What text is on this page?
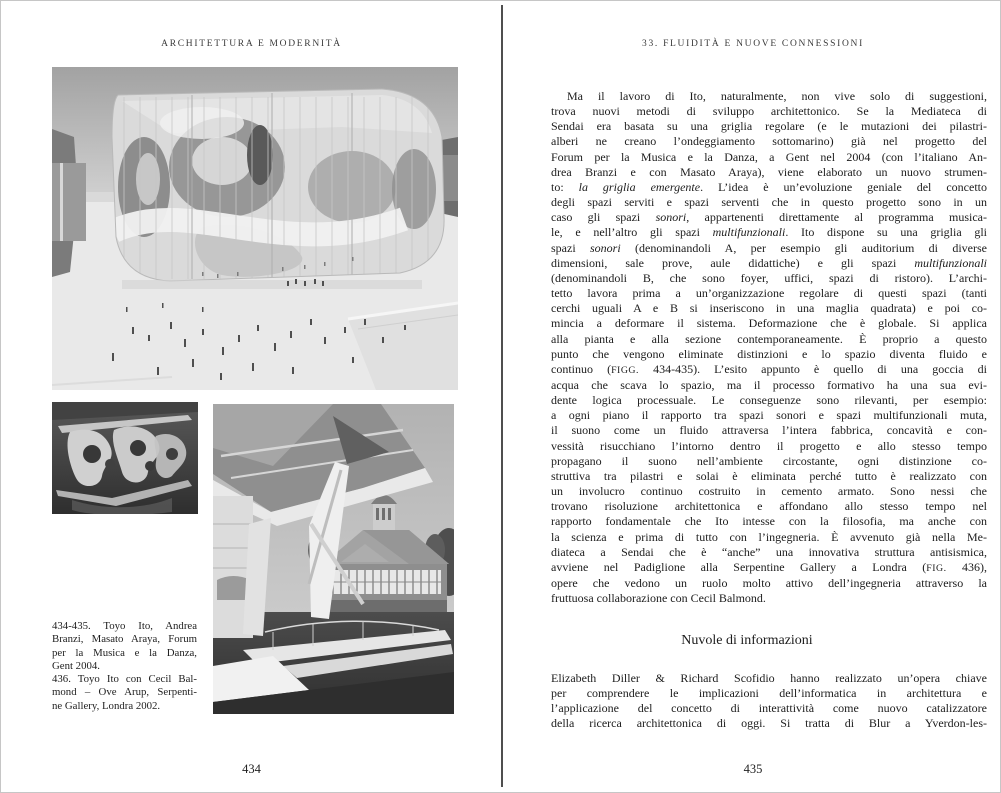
ARCHITETTURA E MODERNITÀ
434-435. Toyo Ito, Andrea
Branzi, Masato Araya, Forum
per la Musica e la Danza,
Gent 2004.
436. Toyo Ito con Cecil Bal-
mond – Ove Arup, Serpenti-
ne Gallery, Londra 2002.
434
33. FLUIDITÀ E NUOVE CONNESSIONI
Ma il lavoro di Ito, naturalmente, non vive solo di suggestioni,
trova nuovi metodi di sviluppo architettonico. Se la Mediateca di
Sendai era basata su una griglia regolare (e le mutazioni dei pilastri-
alberi ne creano l’ondeggiamento sottomarino) già nel progetto del
Forum per la Musica e la Danza, a Gent nel 2004 (con l’italiano An-
drea Branzi e con Masato Araya), viene elaborato un nuovo strumen-
to: la griglia emergente. L’idea è un’evoluzione geniale del concetto
degli spazi serviti e spazi serventi che in questo progetto sono in un
caso gli spazi sonori, appartenenti direttamente al programma musica-
le, e nell’altro gli spazi multifunzionali. Ito dispone su una griglia gli
spazi sonori (denominandoli A, per esempio gli auditorium di diverse
dimensioni, sale prove, aule didattiche) e gli spazi multifunzionali
(denominandoli B, che sono foyer, uffici, spazi di ristoro). L’archi-
tetto lavora prima a un’organizzazione regolare di questi spazi (tanti
cerchi uguali A e B si inseriscono in una maglia quadrata) e poi co-
mincia a deformare il sistema. Deformazione che è globale. Si applica
alla pianta e alla sezione contemporaneamente. È proprio a questo
punto che vengono eliminate distinzioni e lo spazio diventa fluido e
continuo (FIGG. 434-435). L’esito appunto è quello di una goccia di
acqua che scava lo spazio, ma il processo formativo ha una sua evi-
dente logica processuale. Le conseguenze sono rilevanti, per esempio:
a ogni piano il rapporto tra spazi sonori e spazi multifunzionali muta,
il suono come un fluido attraversa l’intera fabbrica, concavità e con-
vessità risucchiano l’intorno dentro il progetto e allo stesso tempo
propagano il suono nell’ambiente circostante, ogni distinzione co-
struttiva tra pilastri e solai è eliminata perché tutto è realizzato con
un involucro continuo costruito in cemento armato. Sono nessi che
trovano risoluzione architettonica e affondano allo stesso tempo nel
rapporto fondamentale che Ito intesse con la filosofia, ma anche con
la scienza e prima di tutto con l’ingegneria. È avvenuto già nella Me-
diateca a Sendai che è “anche” una innovativa struttura antisismica,
avviene nel Padiglione alla Serpentine Gallery a Londra (FIG. 436),
opere che vedono un ruolo molto attivo dell’ingegneria attraverso la
fruttuosa collaborazione con Cecil Balmond.
Nuvole di informazioni
Elizabeth Diller & Richard Scofidio hanno realizzato un’opera chiave
per comprendere le implicazioni dell’informatica in architettura e
l’applicazione del concetto di interattività come nuovo catalizzatore
della ricerca architettonica di oggi. Si tratta di Blur a Yverdon-les-
435
